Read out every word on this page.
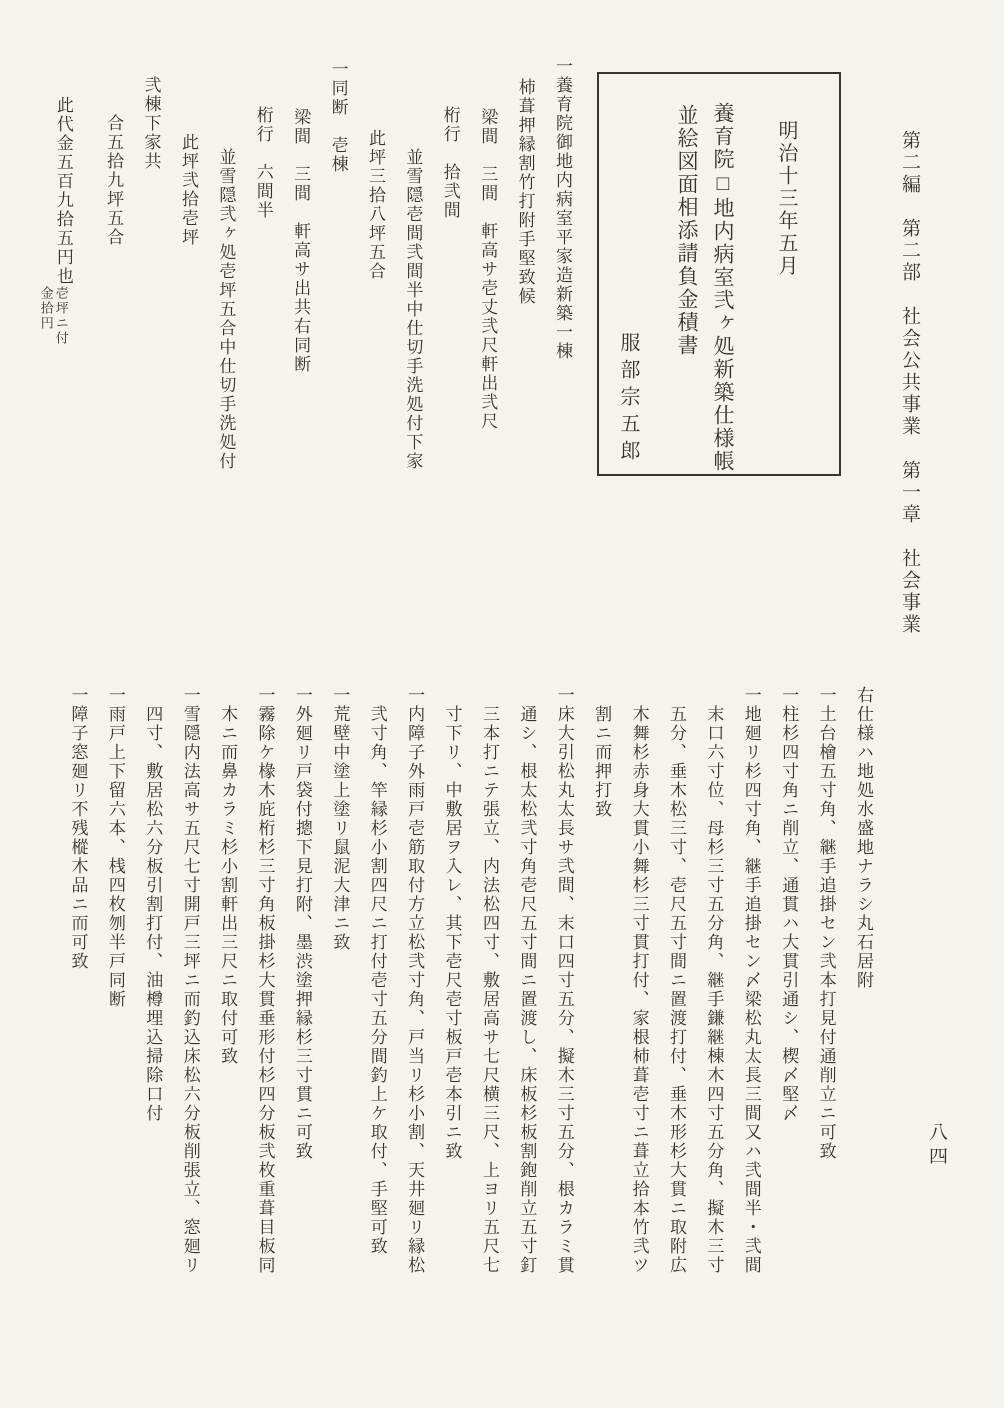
第二編　第二部　社会公共事業　第一章　社会事業
八四
明治十三年五月
養育院□地内病室弐ヶ処新築仕様帳
並絵図面相添請負金積書
服部宗五郎
一養育院御地内病室平家造新築一棟
柿葺押縁割竹打附手堅致候
梁間　三間　軒高サ壱丈弐尺軒出弐尺
桁行　拾弐間
並雪隠壱間弐間半中仕切手洗処付下家
此坪三拾八坪五合
一同断　壱棟
梁間　三間　軒高サ出共右同断
桁行　六間半
並雪隠弐ヶ処壱坪五合中仕切手洗処付
此坪弐拾壱坪
弐棟下家共
合五拾九坪五合
此代金五百九拾五円也
壱坪ニ付
金拾円
右仕様ハ地処水盛地ナラシ丸石居附
一土台檜五寸角、継手追掛セン弐本打見付通削立ニ可致
一柱杉四寸角ニ削立、通貫ハ大貫引通シ、楔〆堅〆
一地廻リ杉四寸角、継手追掛セン〆梁松丸太長三間又ハ弐間半・弐間
末口六寸位、母杉三寸五分角、継手鎌継棟木四寸五分角、擬木三寸
五分、垂木松三寸、壱尺五寸間ニ置渡打付、垂木形杉大貫ニ取附広
木舞杉赤身大貫小舞杉三寸貫打付、家根柿葺壱寸ニ葺立拾本竹弐ツ
割ニ而押打致
一床大引松丸太長サ弐間、末口四寸五分、擬木三寸五分、根カラミ貫
通シ、根太松弐寸角壱尺五寸間ニ置渡し、床板杉板割鉋削立五寸釘
三本打ニテ張立、内法松四寸、敷居高サ七尺横三尺、上ヨリ五尺七
寸下リ、中敷居ヲ入レ、其下壱尺壱寸板戸壱本引ニ致
一内障子外雨戸壱筋取付方立松弐寸角、戸当リ杉小割、天井廻リ縁松
弐寸角、竿縁杉小割四尺ニ打付壱寸五分間釣上ケ取付、手堅可致
一荒壁中塗上塗リ鼠泥大津ニ致
一外廻リ戸袋付摠下見打附、墨渋塗押縁杉三寸貫ニ可致
一霧除ケ椽木庇桁杉三寸角板掛杉大貫垂形付杉四分板弐枚重葺目板同
木ニ而鼻カラミ杉小割軒出三尺ニ取付可致
一雪隠内法高サ五尺七寸開戸三坪ニ而釣込床松六分板削張立、窓廻リ
四寸、敷居松六分板引割打付、油樽埋込掃除口付
一雨戸上下留六本、桟四枚刎半戸同断
一障子窓廻リ不残樅木品ニ而可致
